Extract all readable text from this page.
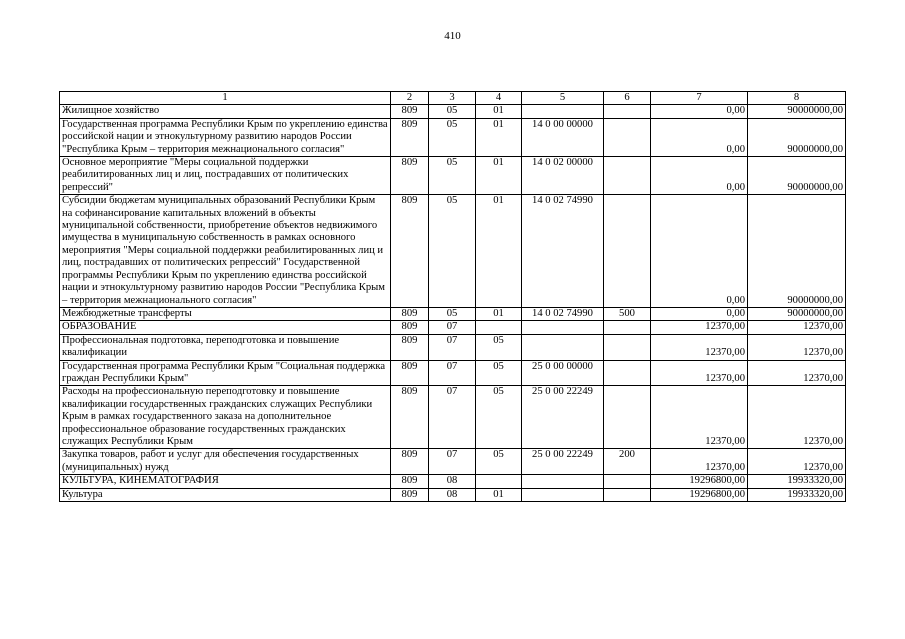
410
1	2	3	4	5	6	7	8
Жилищное хозяйство	809	05	01			0,00	90000000,00
Государственная программа Республики Крым по укреплению единства российской нации и этнокультурному развитию народов России "Республика Крым – территория межнационального согласия"	809	05	01	14 0 00 00000		0,00	90000000,00
Основное мероприятие "Меры социальной поддержки реабилитированных лиц и лиц, пострадавших от политических репрессий"	809	05	01	14 0 02 00000		0,00	90000000,00
Субсидии бюджетам муниципальных образований Республики Крым на софинансирование капитальных вложений в объекты муниципальной собственности, приобретение объектов недвижимого имущества в муниципальную собственность в рамках основного мероприятия "Меры социальной поддержки реабилитированных лиц и лиц, пострадавших от политических репрессий" Государственной программы Республики Крым по укреплению единства российской нации и этнокультурному развитию народов России "Республика Крым – территория межнационального согласия"	809	05	01	14 0 02 74990		0,00	90000000,00
Межбюджетные трансферты	809	05	01	14 0 02 74990	500	0,00	90000000,00
ОБРАЗОВАНИЕ	809	07				12370,00	12370,00
Профессиональная подготовка, переподготовка и повышение квалификации	809	07	05			12370,00	12370,00
Государственная программа Республики Крым "Социальная поддержка граждан Республики Крым"	809	07	05	25 0 00 00000		12370,00	12370,00
Расходы на профессиональную переподготовку и повышение квалификации государственных гражданских служащих Республики Крым в рамках государственного заказа на дополнительное профессиональное образование государственных гражданских служащих Республики Крым	809	07	05	25 0 00 22249		12370,00	12370,00
Закупка товаров, работ и услуг для обеспечения государственных (муниципальных) нужд	809	07	05	25 0 00 22249	200	12370,00	12370,00
КУЛЬТУРА, КИНЕМАТОГРАФИЯ	809	08				19296800,00	19933320,00
Культура	809	08	01			19296800,00	19933320,00
